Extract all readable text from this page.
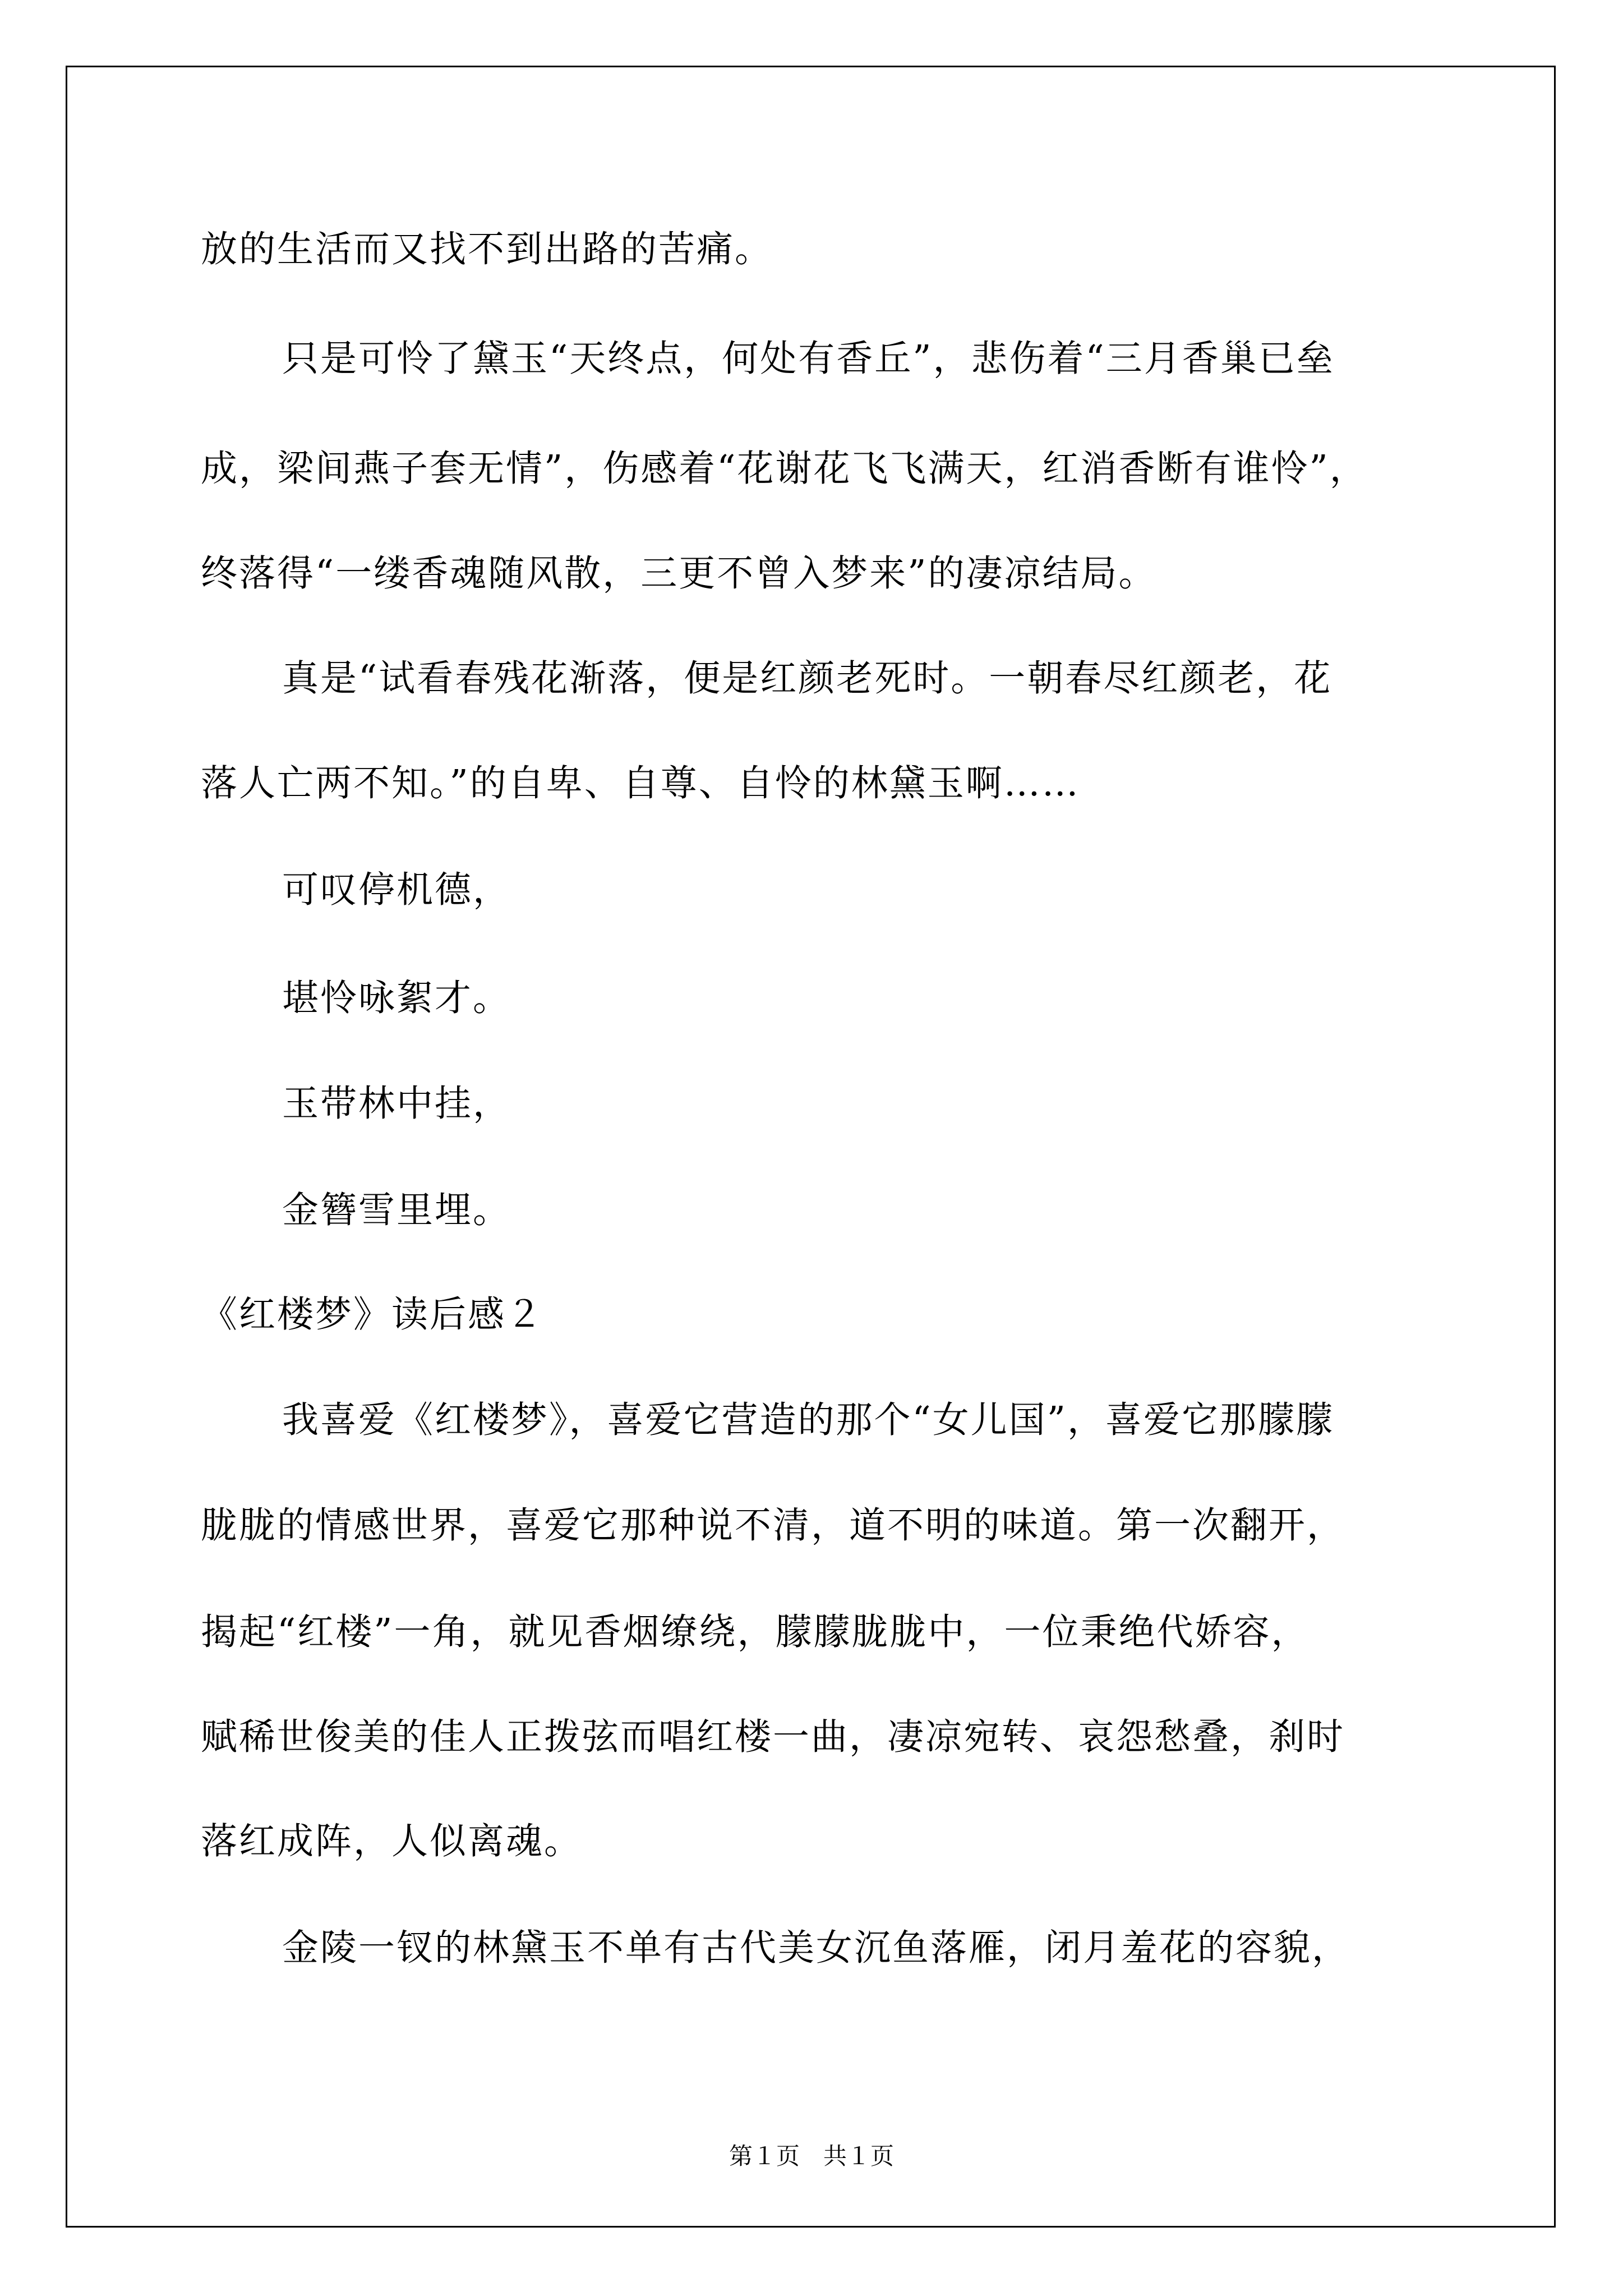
放的生活而又找不到出路的苦痛。
只是可怜了黛玉“天终点，何处有香丘”，悲伤着“三月香巢已垒
成，梁间燕子套无情”，伤感着“花谢花飞飞满天，红消香断有谁怜”，
终落得“一缕香魂随风散，三更不曾入梦来”的凄凉结局。
真是“试看春残花渐落，便是红颜老死时。一朝春尽红颜老，花
落人亡两不知。”的自卑、自尊、自怜的林黛玉啊……
可叹停机德，
堪怜咏絮才。
玉带林中挂，
金簪雪里埋。
《红楼梦》读后感２
我喜爱《红楼梦》，喜爱它营造的那个“女儿国”，喜爱它那朦朦
胧胧的情感世界，喜爱它那种说不清，道不明的味道。第一次翻开，
揭起“红楼”一角，就见香烟缭绕，朦朦胧胧中，一位秉绝代娇容，
赋稀世俊美的佳人正拨弦而唱红楼一曲，凄凉宛转、哀怨愁叠，刹时
落红成阵，人似离魂。
金陵一钗的林黛玉不单有古代美女沉鱼落雁，闭月羞花的容貌，
第１页　共１页
